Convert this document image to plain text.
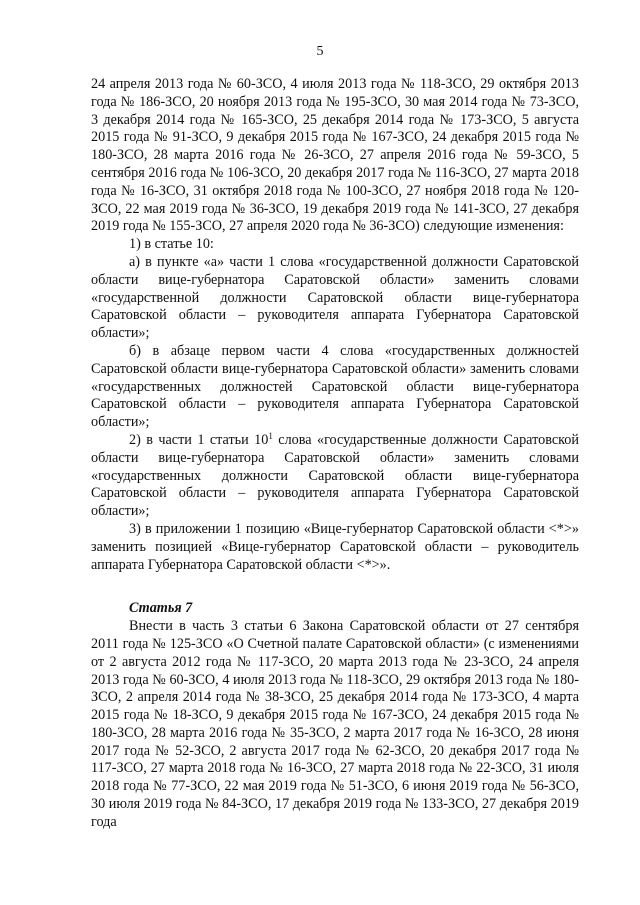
5

24 апреля 2013 года № 60-ЗСО, 4 июля 2013 года № 118-ЗСО, 29 октября 2013 года № 186-ЗСО, 20 ноября 2013 года № 195-ЗСО, 30 мая 2014 года № 73-ЗСО, 3 декабря 2014 года № 165-ЗСО, 25 декабря 2014 года № 173-ЗСО, 5 августа 2015 года № 91-ЗСО, 9 декабря 2015 года № 167-ЗСО, 24 декабря 2015 года № 180-ЗСО, 28 марта 2016 года № 26-ЗСО, 27 апреля 2016 года № 59-ЗСО, 5 сентября 2016 года № 106-ЗСО, 20 декабря 2017 года № 116-ЗСО, 27 марта 2018 года № 16-ЗСО, 31 октября 2018 года № 100-ЗСО, 27 ноября 2018 года № 120-ЗСО, 22 мая 2019 года № 36-ЗСО, 19 декабря 2019 года № 141-ЗСО, 27 декабря 2019 года № 155-ЗСО, 27 апреля 2020 года № 36-ЗСО) следующие изменения:

1) в статье 10:

а) в пункте «а» части 1 слова «государственной должности Саратовской области вице-губернатора Саратовской области» заменить словами «государственной должности Саратовской области вице-губернатора Саратовской области – руководителя аппарата Губернатора Саратовской области»;

б) в абзаце первом части 4 слова «государственных должностей Саратовской области вице-губернатора Саратовской области» заменить словами «государственных должностей Саратовской области вице-губернатора Саратовской области – руководителя аппарата Губернатора Саратовской области»;

2) в части 1 статьи $10^1$ слова «государственные должности Саратовской области вице-губернатора Саратовской области» заменить словами «государственных должности Саратовской области вице-губернатора Саратовской области – руководителя аппарата Губернатора Саратовской области»;

3) в приложении 1 позицию «Вице-губернатор Саратовской области <*>» заменить позицией «Вице-губернатор Саратовской области – руководитель аппарата Губернатора Саратовской области <*>».

Статья 7

Внести в часть 3 статьи 6 Закона Саратовской области от 27 сентября 2011 года № 125-ЗСО «О Счетной палате Саратовской области» (с изменениями от 2 августа 2012 года № 117-ЗСО, 20 марта 2013 года № 23-ЗСО, 24 апреля 2013 года № 60-ЗСО, 4 июля 2013 года № 118-ЗСО, 29 октября 2013 года № 180-ЗСО, 2 апреля 2014 года № 38-ЗСО, 25 декабря 2014 года № 173-ЗСО, 4 марта 2015 года № 18-ЗСО, 9 декабря 2015 года № 167-ЗСО, 24 декабря 2015 года № 180-ЗСО, 28 марта 2016 года № 35-ЗСО, 2 марта 2017 года № 16-ЗСО, 28 июня 2017 года № 52-ЗСО, 2 августа 2017 года № 62-ЗСО, 20 декабря 2017 года № 117-ЗСО, 27 марта 2018 года № 16-ЗСО, 27 марта 2018 года № 22-ЗСО, 31 июля 2018 года № 77-ЗСО, 22 мая 2019 года № 51-ЗСО, 6 июня 2019 года № 56-ЗСО, 30 июля 2019 года № 84-ЗСО, 17 декабря 2019 года № 133-ЗСО, 27 декабря 2019 года
